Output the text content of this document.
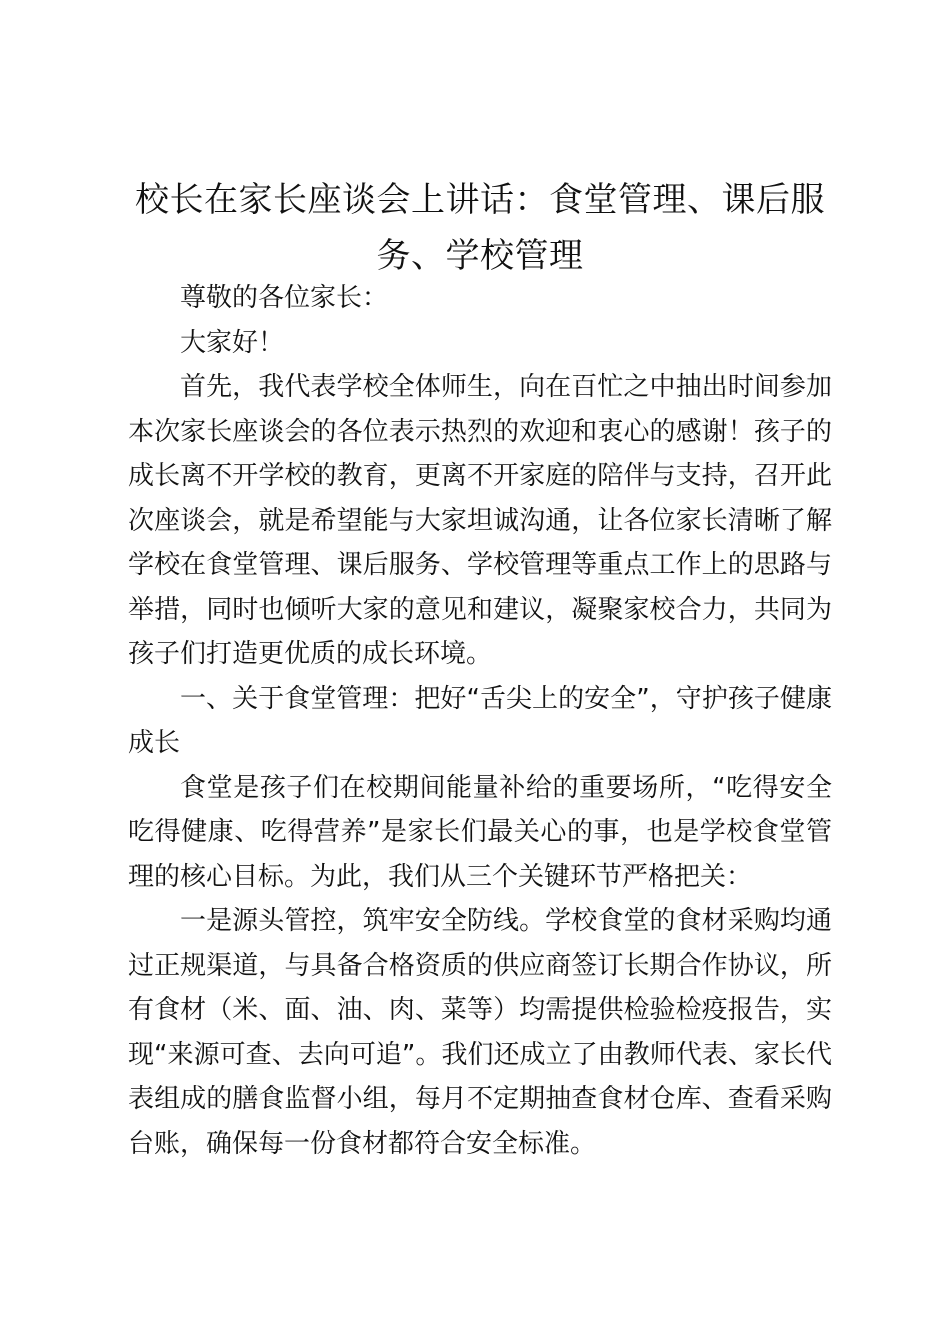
校长在家长座谈会上讲话：食堂管理、课后服务、学校管理

尊敬的各位家长：

大家好！

首先，我代表学校全体师生，向在百忙之中抽出时间参加本次家长座谈会的各位表示热烈的欢迎和衷心的感谢！孩子的成长离不开学校的教育，更离不开家庭的陪伴与支持，召开此次座谈会，就是希望能与大家坦诚沟通，让各位家长清晰了解学校在食堂管理、课后服务、学校管理等重点工作上的思路与举措，同时也倾听大家的意见和建议，凝聚家校合力，共同为孩子们打造更优质的成长环境。

一、关于食堂管理：把好“舌尖上的安全”，守护孩子健康成长

食堂是孩子们在校期间能量补给的重要场所，“吃得安全吃得健康、吃得营养”是家长们最关心的事，也是学校食堂管理的核心目标。为此，我们从三个关键环节严格把关：

一是源头管控，筑牢安全防线。学校食堂的食材采购均通过正规渠道，与具备合格资质的供应商签订长期合作协议，所有食材（米、面、油、肉、菜等）均需提供检验检疫报告，实现“来源可查、去向可追”。我们还成立了由教师代表、家长代表组成的膳食监督小组，每月不定期抽查食材仓库、查看采购台账，确保每一份食材都符合安全标准。
